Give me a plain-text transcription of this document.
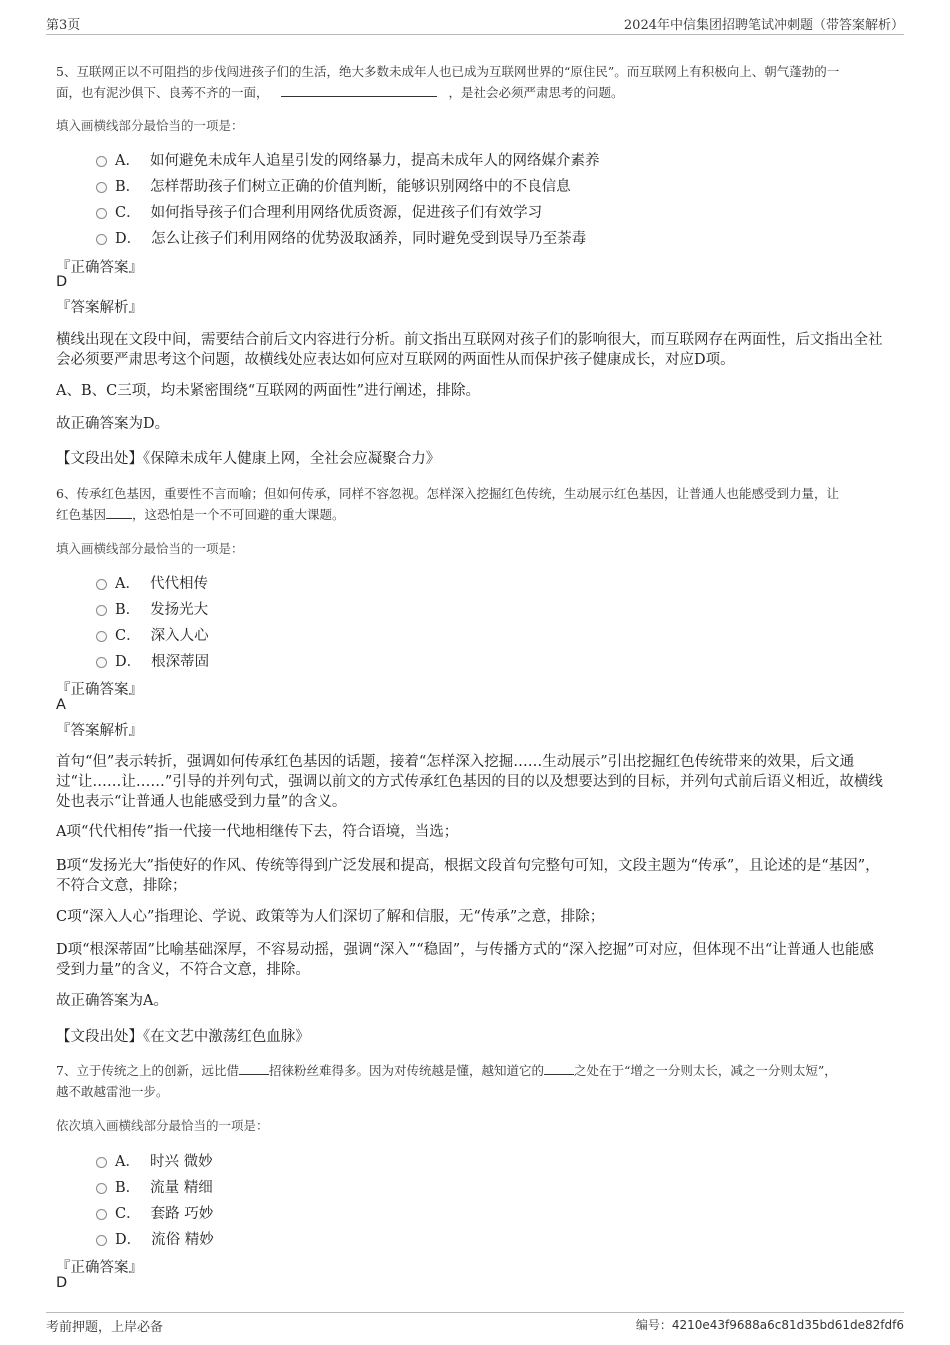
第3页	2024年中信集团招聘笔试冲刺题（带答案解析）
5、互联网正以不可阻挡的步伐闯进孩子们的生活，绝大多数未成年人也已成为互联网世界的“原住民”。而互联网上有积极向上、朝气蓬勃的一
面，也有泥沙俱下、良莠不齐的一面，	，是社会必须严肃思考的问题。
填入画横线部分最恰当的一项是：
A． 如何避免未成年人追星引发的网络暴力，提高未成年人的网络媒介素养
B． 怎样帮助孩子们树立正确的价值判断，能够识别网络中的不良信息
C． 如何指导孩子们合理利用网络优质资源，促进孩子们有效学习
D． 怎么让孩子们利用网络的优势汲取涵养，同时避免受到误导乃至荼毒
『正确答案』
D
『答案解析』
横线出现在文段中间，需要结合前后文内容进行分析。前文指出互联网对孩子们的影响很大，而互联网存在两面性，后文指出全社会必须要严肃思考这个问题，故横线处应表达如何应对互联网的两面性从而保护孩子健康成长，对应D项。
A、B、C三项，均未紧密围绕“互联网的两面性”进行阐述，排除。
故正确答案为D。
【文段出处】《保障未成年人健康上网，全社会应凝聚合力》
6、传承红色基因，重要性不言而喻；但如何传承，同样不容忽视。怎样深入挖掘红色传统，生动展示红色基因，让普通人也能感受到力量，让
红色基因 ，这恐怕是一个不可回避的重大课题。
填入画横线部分最恰当的一项是：
A． 代代相传
B． 发扬光大
C． 深入人心
D． 根深蒂固
『正确答案』
A
『答案解析』
首句“但”表示转折，强调如何传承红色基因的话题，接着“怎样深入挖掘……生动展示”引出挖掘红色传统带来的效果，后文通过“让……让……”引导的并列句式，强调以前文的方式传承红色基因的目的以及想要达到的目标，并列句式前后语义相近，故横线处也表示“让普通人也能感受到力量”的含义。
A项“代代相传”指一代接一代地相继传下去，符合语境，当选；
B项“发扬光大”指使好的作风、传统等得到广泛发展和提高，根据文段首句完整句可知，文段主题为“传承”，且论述的是“基因”，不符合文意，排除；
C项“深入人心”指理论、学说、政策等为人们深切了解和信服，无“传承”之意，排除；
D项“根深蒂固”比喻基础深厚，不容易动摇，强调“深入”“稳固”，与传播方式的“深入挖掘”可对应，但体现不出“让普通人也能感受到力量”的含义，不符合文意，排除。
故正确答案为A。
【文段出处】《在文艺中激荡红色血脉》
7、立于传统之上的创新，远比借 招徕粉丝难得多。因为对传统越是懂，越知道它的 之处在于“增之一分则太长，减之一分则太短”，
越不敢越雷池一步。
依次填入画横线部分最恰当的一项是：
A． 时兴 微妙
B． 流量 精细
C． 套路 巧妙
D． 流俗 精妙
『正确答案』
D
考前押题，上岸必备	编号：4210e43f9688a6c81d35bd61de82fdf6
